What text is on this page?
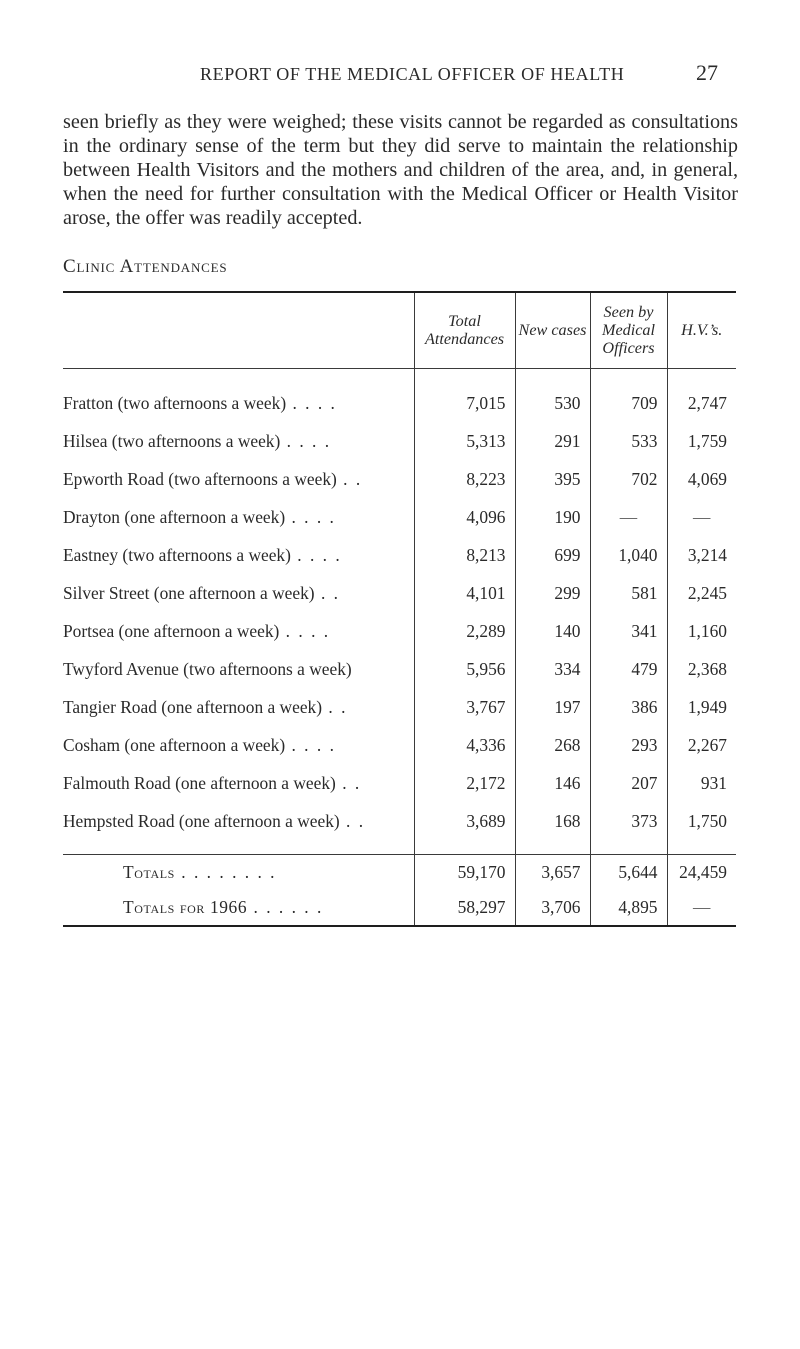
REPORT OF THE MEDICAL OFFICER OF HEALTH	27

seen briefly as they were weighed; these visits cannot be regarded as consultations in the ordinary sense of the term but they did serve to maintain the relationship between Health Visitors and the mothers and children of the area, and, in general, when the need for further consultation with the Medical Officer or Health Visitor arose, the offer was readily accepted.

Clinic Attendances
	Total Attendances	New cases	Seen by Medical Officers	H.V.’s.

Fratton (two afternoons a week) . . . .	7,015	530	709	2,747
Hilsea (two afternoons a week) . . . .	5,313	291	533	1,759
Epworth Road (two afternoons a week) . .	8,223	395	702	4,069
Drayton (one afternoon a week) . . . .	4,096	190	—	—
Eastney (two afternoons a week) . . . .	8,213	699	1,040	3,214
Silver Street (one afternoon a week) . .	4,101	299	581	2,245
Portsea (one afternoon a week) . . . .	2,289	140	341	1,160
Twyford Avenue (two afternoons a week)	5,956	334	479	2,368
Tangier Road (one afternoon a week) . .	3,767	197	386	1,949
Cosham (one afternoon a week) . . . .	4,336	268	293	2,267
Falmouth Road (one afternoon a week) . .	2,172	146	207	931
Hempsted Road (one afternoon a week) . .	3,689	168	373	1,750

Totals . . . . . . . .	59,170	3,657	5,644	24,459
Totals for 1966 . . . . . .	58,297	3,706	4,895	—
